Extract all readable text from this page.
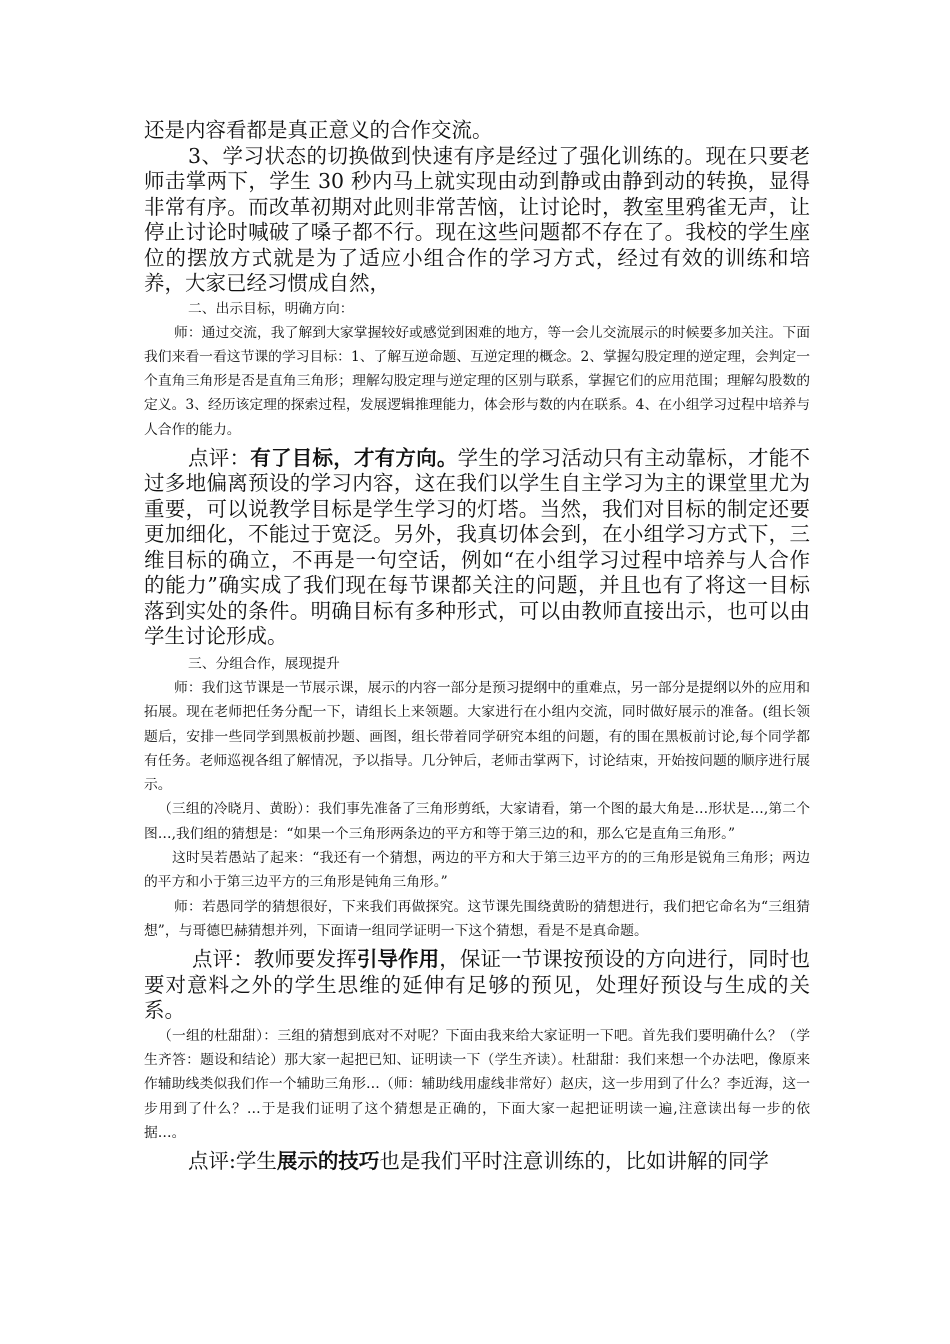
还是内容看都是真正意义的合作交流。

3、学习状态的切换做到快速有序是经过了强化训练的。现在只要老师击掌两下，学生 30 秒内马上就实现由动到静或由静到动的转换，显得非常有序。而改革初期对此则非常苦恼，让讨论时，教室里鸦雀无声，让停止讨论时喊破了嗓子都不行。现在这些问题都不存在了。我校的学生座位的摆放方式就是为了适应小组合作的学习方式，经过有效的训练和培养，大家已经习惯成自然，

二、出示目标，明确方向：

师：通过交流，我了解到大家掌握较好或感觉到困难的地方，等一会儿交流展示的时候要多加关注。下面我们来看一看这节课的学习目标：1、了解互逆命题、互逆定理的概念。2、掌握勾股定理的逆定理，会判定一个直角三角形是否是直角三角形；理解勾股定理与逆定理的区别与联系，掌握它们的应用范围；理解勾股数的定义。3、经历该定理的探索过程，发展逻辑推理能力，体会形与数的内在联系。4、在小组学习过程中培养与人合作的能力。

点评：有了目标，才有方向。学生的学习活动只有主动靠标，才能不过多地偏离预设的学习内容，这在我们以学生自主学习为主的课堂里尤为重要，可以说教学目标是学生学习的灯塔。当然，我们对目标的制定还要更加细化，不能过于宽泛。另外，我真切体会到，在小组学习方式下，三维目标的确立，不再是一句空话，例如“在小组学习过程中培养与人合作的能力”确实成了我们现在每节课都关注的问题，并且也有了将这一目标落到实处的条件。明确目标有多种形式，可以由教师直接出示，也可以由学生讨论形成。

三、分组合作，展现提升

师：我们这节课是一节展示课，展示的内容一部分是预习提纲中的重难点，另一部分是提纲以外的应用和拓展。现在老师把任务分配一下，请组长上来领题。大家进行在小组内交流，同时做好展示的准备。(组长领题后，安排一些同学到黑板前抄题、画图，组长带着同学研究本组的问题，有的围在黑板前讨论,每个同学都有任务。老师巡视各组了解情况，予以指导。几分钟后，老师击掌两下，讨论结束，开始按问题的顺序进行展示。

（三组的冷晓月、黄盼）：我们事先准备了三角形剪纸，大家请看，第一个图的最大角是…形状是…,第二个图…,我们组的猜想是：“如果一个三角形两条边的平方和等于第三边的和，那么它是直角三角形。”

这时吴若愚站了起来：“我还有一个猜想，两边的平方和大于第三边平方的的三角形是锐角三角形；两边的平方和小于第三边平方的三角形是钝角三角形。”

师：若愚同学的猜想很好，下来我们再做探究。这节课先围绕黄盼的猜想进行，我们把它命名为“三组猜想”，与哥德巴赫猜想并列，下面请一组同学证明一下这个猜想，看是不是真命题。

点评：教师要发挥引导作用，保证一节课按预设的方向进行，同时也要对意料之外的学生思维的延伸有足够的预见，处理好预设与生成的关系。

（一组的杜甜甜）：三组的猜想到底对不对呢？下面由我来给大家证明一下吧。首先我们要明确什么？（学生齐答：题设和结论）那大家一起把已知、证明读一下（学生齐读）。杜甜甜：我们来想一个办法吧，像原来作辅助线类似我们作一个辅助三角形…（师：辅助线用虚线非常好）赵庆，这一步用到了什么？李近海，这一步用到了什么？…于是我们证明了这个猜想是正确的，下面大家一起把证明读一遍,注意读出每一步的依据…。

点评:学生展示的技巧也是我们平时注意训练的，比如讲解的同学
